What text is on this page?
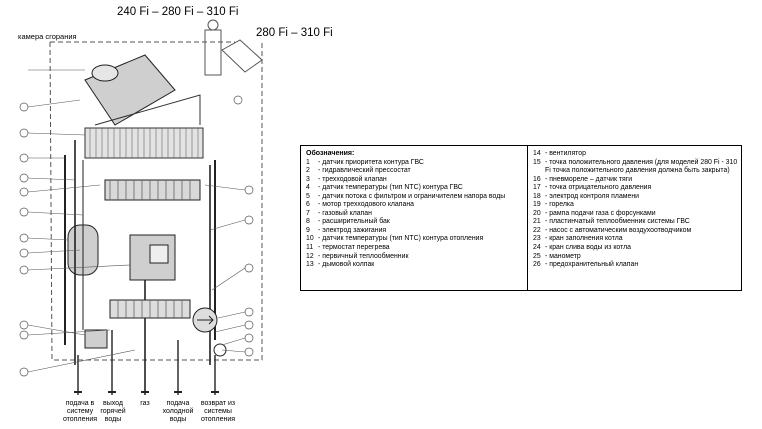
240 Fi – 280 Fi – 310 Fi
280 Fi – 310 Fi
камера сгорания
подача в
систему
отопления
выход
горячей
воды
газ	подача
холодной
воды
возврат из
системы
отопления
Обозначения:
1	- датчик приоритета контура ГВС
2	- гидравлический прессостат
3	- трехходовой клапан
4	- датчик температуры (тип NTC) контура ГВС
5	- датчик потока с фильтром и ограничителем напора воды
6	- мотор трехходового клапана
7	- газовый клапан
8	- расширительный бак
9	- электрод зажигания
10 - датчик температуры (тип NTC) контура отопления
11 - термостат перегрева
12 - первичный теплообменник
13 - дымовой колпак
14 - вентилятор
15 - точка положительного давления (для моделей 280 Fi - 310 Fi точка положительного давления должна быть закрыта)
16 - пневмореле – датчик тяги
17 - точка отрицательного давления
18 - электрод контроля пламени
19 - горелка
20 - рампа подачи газа с форсунками
21 - пластинчатый теплообменник системы ГВС
22 - насос с автоматическим воздухоотводчиком
23 - кран заполнения котла
24 - кран слива воды из котла
25 - манометр
26 - предохранительный клапан
